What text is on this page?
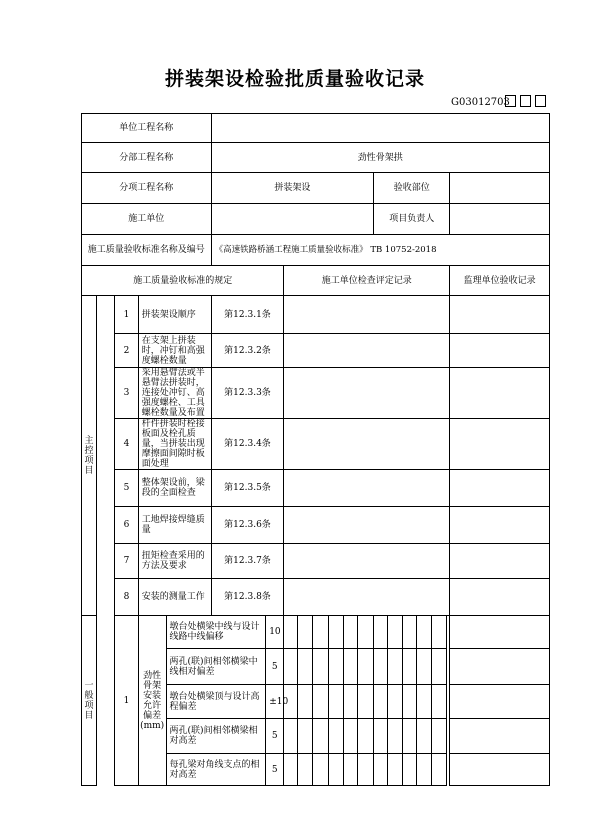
拼装架设检验批质量验收记录
G03012703
单位工程名称																			
分部工程名称					劲性骨架拱														
分项工程名称					拼装架设								验收部位						
施工单位													项目负责人						
施工质量验收标准名称及编号					《高速铁路桥涵工程施工质量验收标准》 TB 10752-2018														
施工质量验收标准的规定							施工单位检查评定记录												监理单位验收记录
主控项目		1	拼装架设顺序		第12.3.1条														
		2	在支架上拼装时，冲钉和高强度螺栓数量		第12.3.2条														
		3	采用悬臂法或半悬臂法拼装时，连接处冲钉、高强度螺栓、工具螺栓数量及布置		第12.3.3条														
		4	杆件拼装时栓接板面及栓孔质量，当拼装出现摩擦面间隙时板面处理		第12.3.4条														
		5	整体架设前，梁段的全面检查		第12.3.5条														
		6	工地焊接焊缝质量		第12.3.6条														
		7	扭矩检查采用的方法及要求		第12.3.7条														
		8	安装的测量工作		第12.3.8条														
一般项目		1	劲性骨架安装允许偏差(mm)	墩台处横梁中线与设计线路中线偏移		10													
				两孔(联)间相邻横梁中线相对偏差		5													
				墩台处横梁顶与设计高程偏差		±10													
				两孔(联)间相邻横梁相对高差		5													
				每孔梁对角线支点的相对高差		5													
